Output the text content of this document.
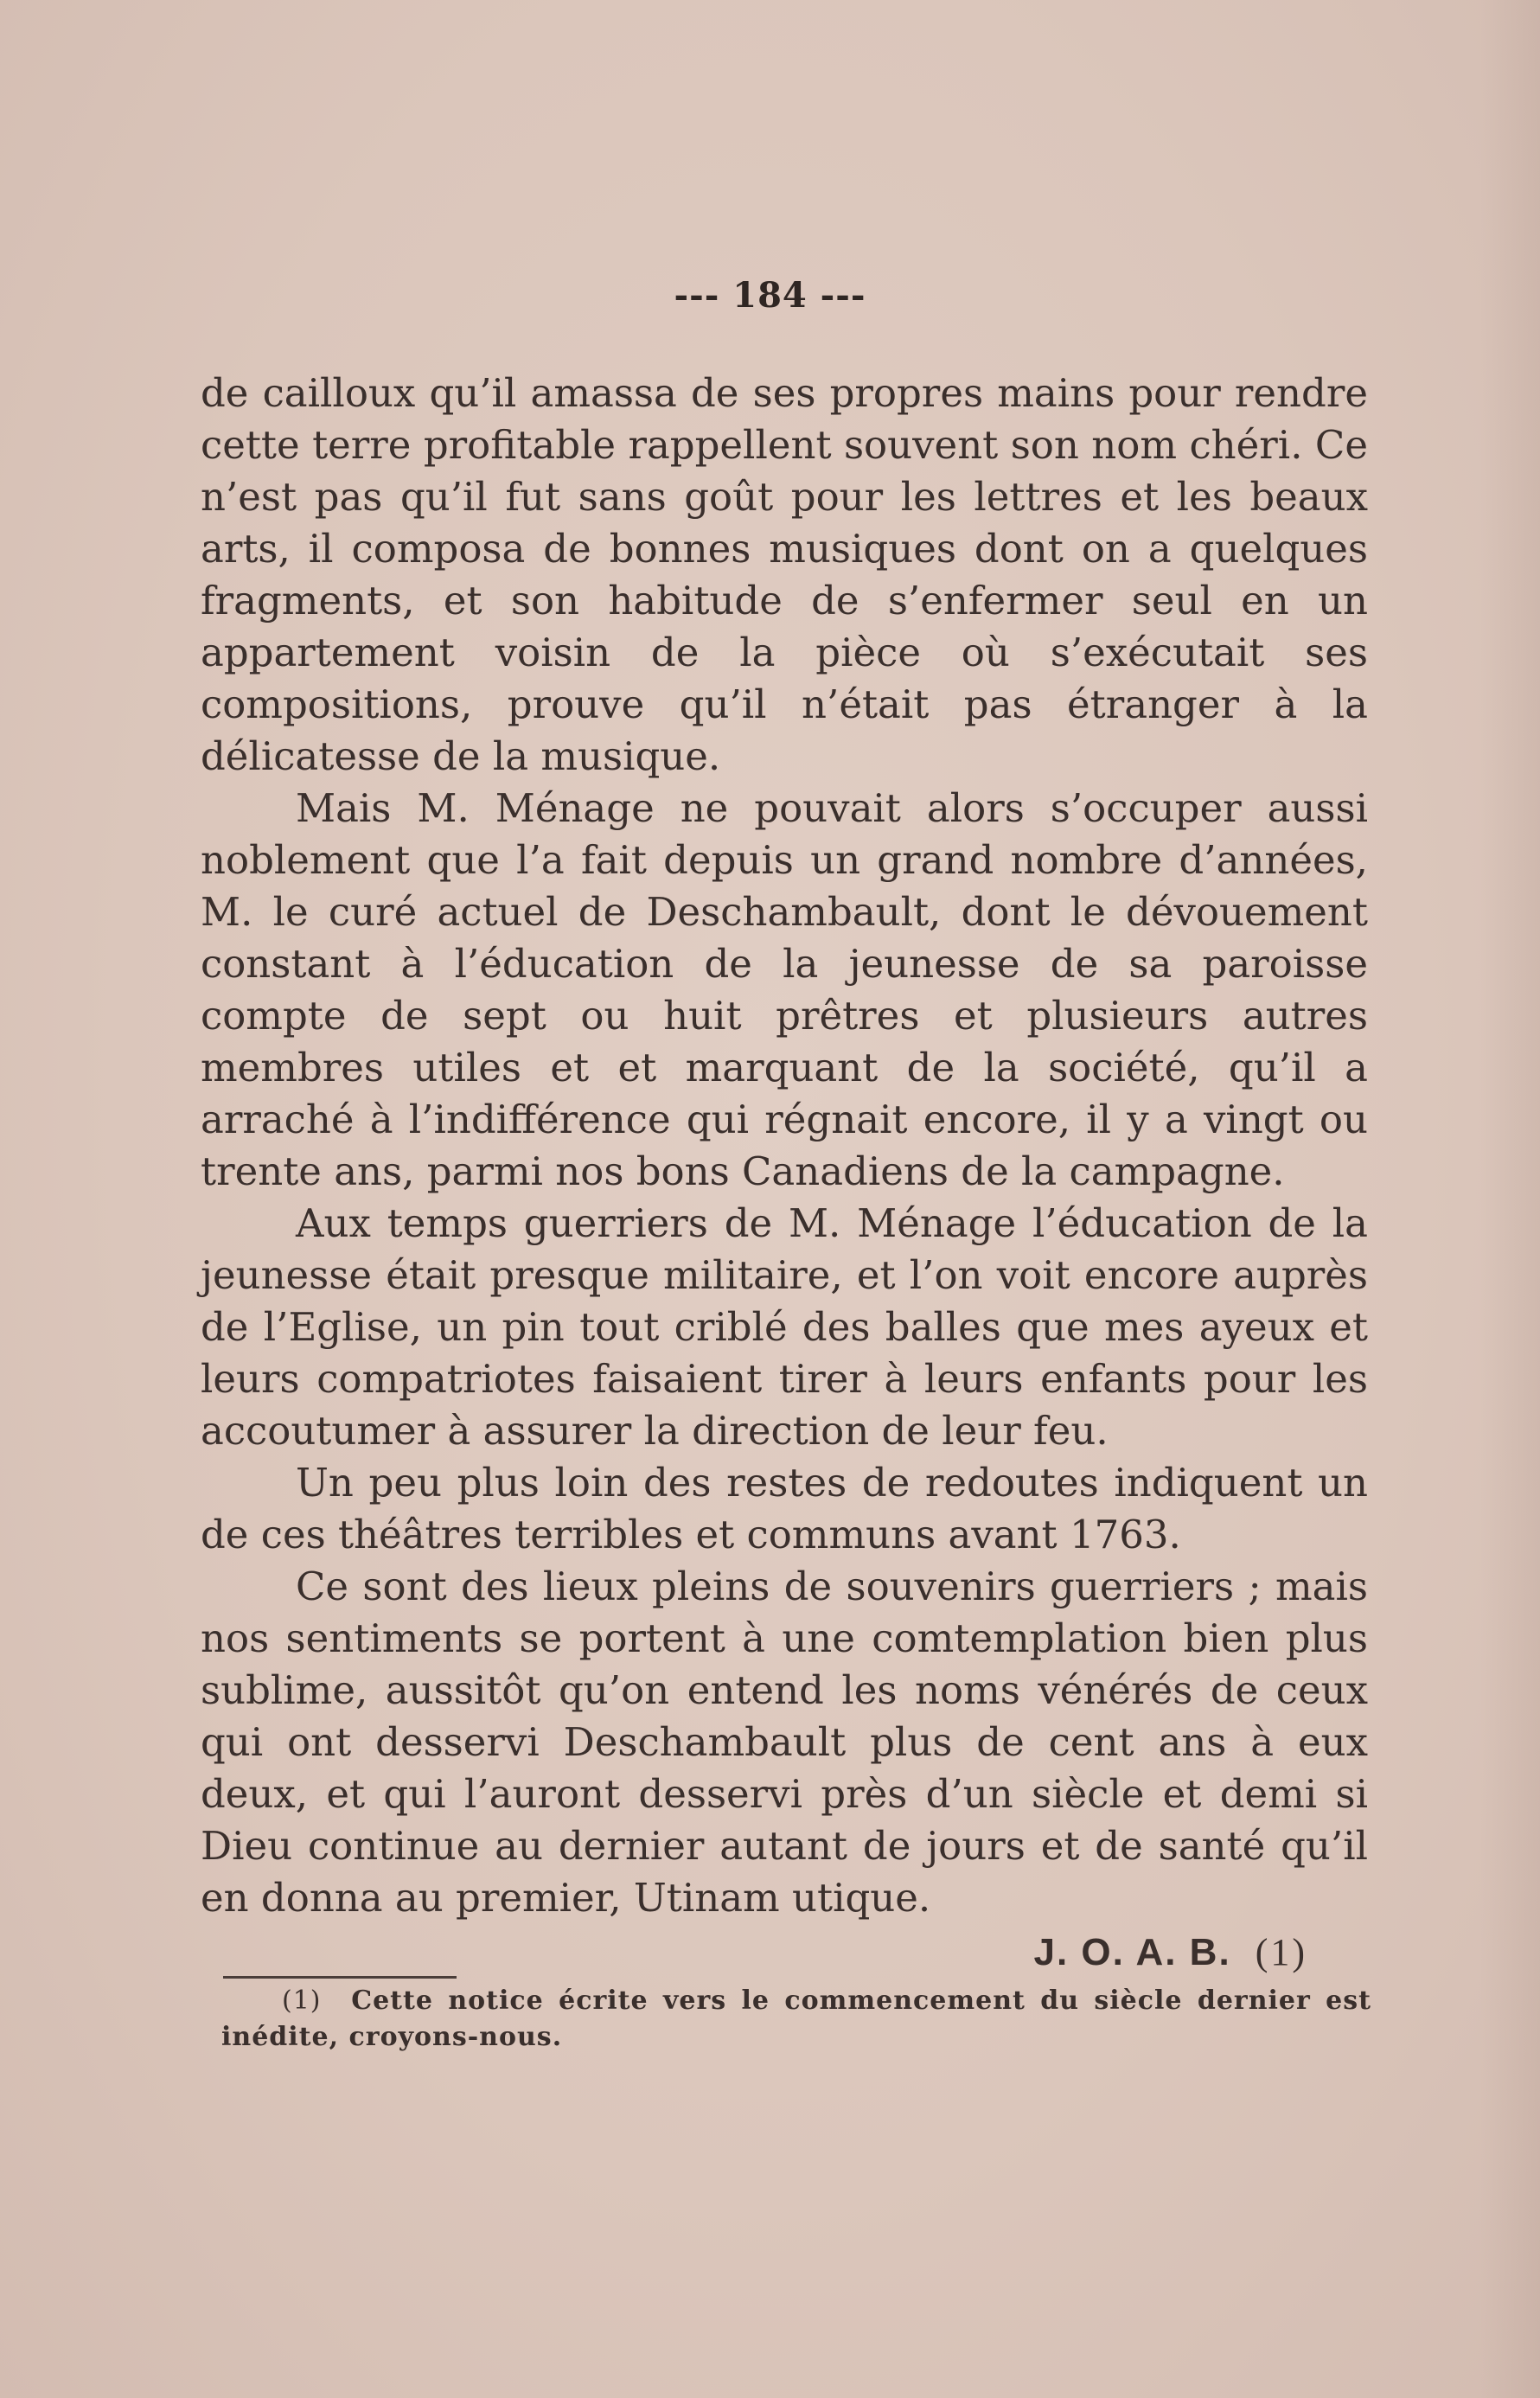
--- 184 ---

de cailloux qu’il amassa de ses propres mains pour rendre cette terre profitable rappellent souvent son nom chéri. Ce n’est pas qu’il fut sans goût pour les lettres et les beaux arts, il composa de bonnes musiques dont on a quelques fragments, et son habitude de s’enfermer seul en un appartement voisin de la pièce où s’exécutait ses compositions, prouve qu’il n’était pas étranger à la délicatesse de la musique.

Mais M. Ménage ne pouvait alors s’occuper aussi noblement que l’a fait depuis un grand nombre d’années, M. le curé actuel de Deschambault, dont le dévouement constant à l’éducation de la jeunesse de sa paroisse compte de sept ou huit prêtres et plusieurs autres membres utiles et et marquant de la société, qu’il a arraché à l’indifférence qui régnait encore, il y a vingt ou trente ans, parmi nos bons Canadiens de la campagne.

Aux temps guerriers de M. Ménage l’éducation de la jeunesse était presque militaire, et l’on voit encore auprès de l’Eglise, un pin tout criblé des balles que mes ayeux et leurs compatriotes faisaient tirer à leurs enfants pour les accoutumer à assurer la direction de leur feu.

Un peu plus loin des restes de redoutes indiquent un de ces théâtres terribles et communs avant 1763.

Ce sont des lieux pleins de souvenirs guerriers ; mais nos sentiments se portent à une comtemplation bien plus sublime, aussitôt qu’on entend les noms vénérés de ceux qui ont desservi Deschambault plus de cent ans à eux deux, et qui l’auront desservi près d’un siècle et demi si Dieu continue au dernier autant de jours et de santé qu’il en donna au premier, Utinam utique.

J. O. A. B. (1)
(1) Cette notice écrite vers le commencement du siècle dernier est inédite, croyons-nous.
